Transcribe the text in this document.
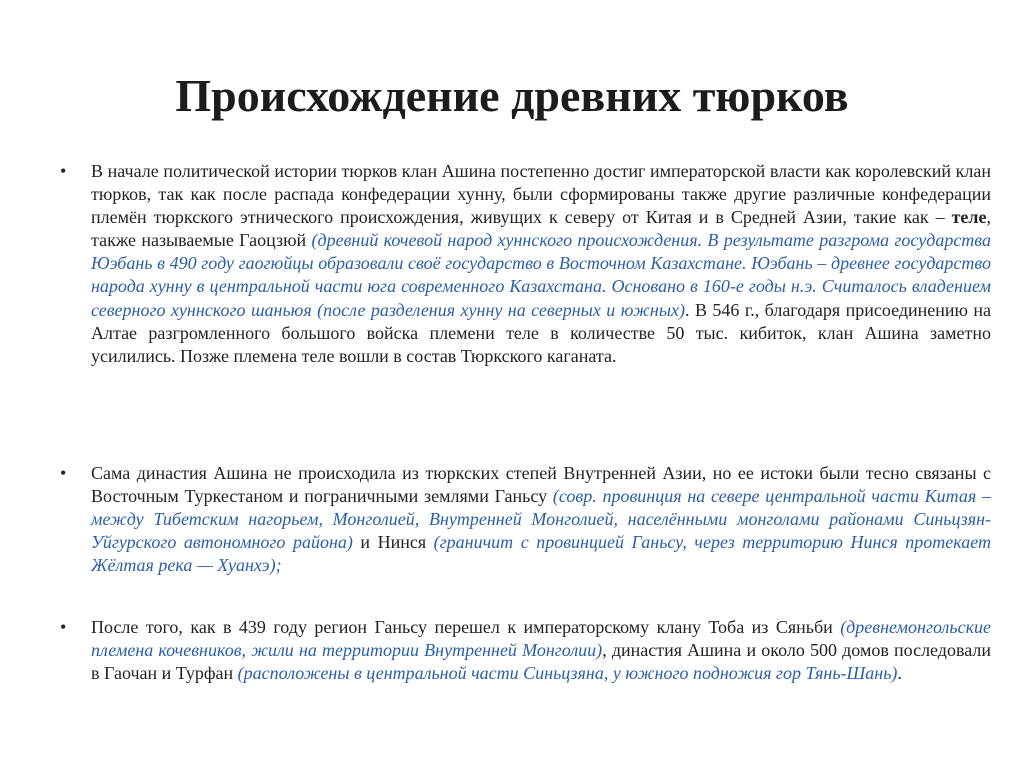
Происхождение древних тюрков
•	В начале политической истории тюрков клан Ашина постепенно достиг императорской власти как королевский клан тюрков, так как после распада конфедерации хунну, были сформированы также другие различные конфедерации племён тюркского этнического происхождения, живущих к северу от Китая и в Средней Азии, такие как – теле, также называемые Гаоцзюй (древний кочевой народ хуннского происхождения. В результате разгрома государства Юэбань в 490 году гаогюйцы образовали своё государство в Восточном Казахстане. Юэбань – древнее государство народа хунну в центральной части юга современного Казахстана. Основано в 160-е годы н.э. Считалось владением северного хуннского шаньюя (после разделения хунну на северных и южных). В 546 г., благодаря присоединению на Алтае разгромленного большого войска племени теле в количестве 50 тыс. кибиток, клан Ашина заметно усилились. Позже племена теле вошли в состав Тюркского каганата.
•	Сама династия Ашина не происходила из тюркских степей Внутренней Азии, но ее истоки были тесно связаны с Восточным Туркестаном и пограничными землями Ганьсу (совр. провинция на севере центральной части Китая – между Тибетским нагорьем, Монголией, Внутренней Монголией, населёнными монголами районами Синьцзян-Уйгурского автономного района) и Нинся (граничит с провинцией Ганьсу, через территорию Нинся протекает Жёлтая река — Хуанхэ);
•	После того, как в 439 году регион Ганьсу перешел к императорскому клану Тоба из Сяньби (древнемонгольские племена кочевников, жили на территории Внутренней Монголии), династия Ашина и около 500 домов последовали в Гаочан и Турфан (расположены в центральной части Синьцзяна, у южного подножия гор Тянь-Шань).
